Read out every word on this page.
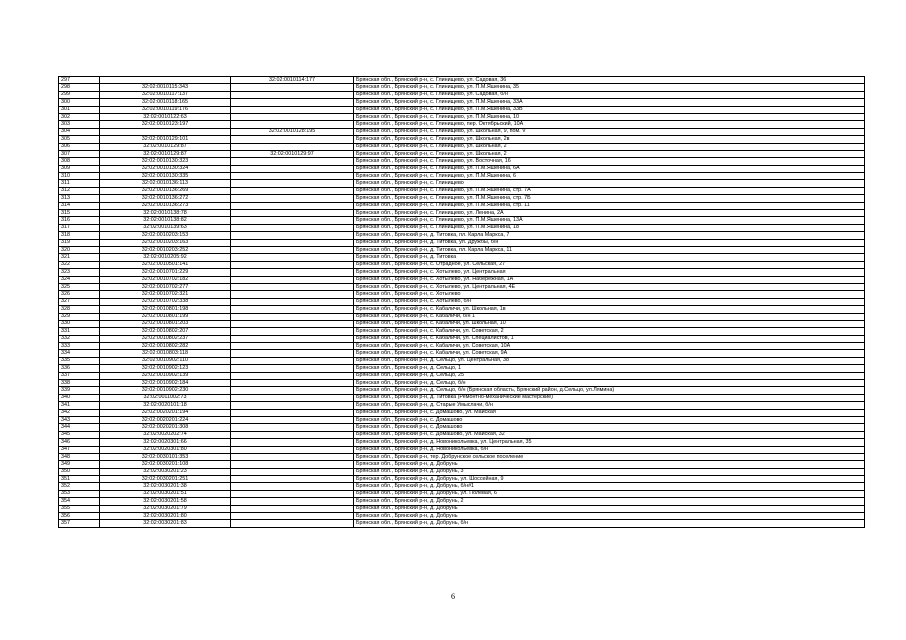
297		32:02:0010114:177	Брянская обл., Брянский р-н, с. Глинищево, ул. Садовая, 36
298	32:02:0010115:343		Брянская обл., Брянский р-н, с. Глинищево, ул. П.М.Яшенина, 35
299	32:02:0010117:137		Брянская обл., Брянский р-н, с. Глинищево, ул. Садовая, б/н
300	32:02:0010118:165		Брянская обл., Брянский р-н, с. Глинищево, ул. П.М.Яшенина, 33А
301	32:02:0010119:176		Брянская обл., Брянский р-н, с. Глинищево, ул. П.М.Яшенина, 33В
302	32:02:0010122:63		Брянская обл., Брянский р-н, с. Глинищево, ул. П.М.Яшенина, 10
303	32:02:0010123:197		Брянская обл., Брянский р-н, с. Глинищево, пер. Октябрьский, 10А
304		32:02:0010128:195	Брянская обл., Брянский р-н, с. Глинищево, ул. Школьная, 9, пом. V
305	32:02:0010129:101		Брянская обл., Брянский р-н, с. Глинищево, ул. Школьная, 2в
306	32:02:0010129:87		Брянская обл., Брянский р-н, с. Глинищево, ул. Школьная, 2
307	32:02:0010129:87	32:02:0010129:97	Брянская обл., Брянский р-н, с. Глинищево, ул. Школьная, 2
308	32:02:0010130:323		Брянская обл., Брянский р-н, с. Глинищево, ул. Восточная, 16
309	32:02:0010130:324		Брянская обл., Брянский р-н, с. Глинищево, ул. П.М.Яшенина, 6А
310	32:02:0010130:335		Брянская обл., Брянский р-н, с. Глинищево, ул. П.М.Яшенина, 6
311	32:02:0010136:113		Брянская обл., Брянский р-н, с. Глинищево
312	32:02:0010136:269		Брянская обл., Брянский р-н, с. Глинищево, ул. П.М.Яшенина, стр. 7А
313	32:02:0010136:272		Брянская обл., Брянский р-н, с. Глинищево, ул. П.М.Яшенина, стр. 7Б
314	32:02:0010136:273		Брянская обл., Брянский р-н, с. Глинищево, ул. П.М.Яшенина, стр. 11
315	32:02:0010138:78		Брянская обл., Брянский р-н, с. Глинищево, ул. Ленина, 2А
316	32:02:0010138:82		Брянская обл., Брянский р-н, с. Глинищево, ул. П.М.Яшенина, 13А
317	32:02:0010139:63		Брянская обл., Брянский р-н, с. Глинищево, ул. П.М.Яшенина, 18
318	32:02:0010203:153		Брянская обл., Брянский р-н, д. Титовка, пл. Карла Маркса, 7
319	32:02:0010203:163		Брянская обл., Брянский р-н, д. Титовка, ул. Дружбы, б/н
320	32:02:0010203:252		Брянская обл., Брянский р-н, д. Титовка, пл. Карла Маркса, 11
321	32:02:0010205:92		Брянская обл., Брянский р-н, д. Титовка
322	32:02:0010501:141		Брянская обл., Брянский р-н, с. Отрадное, ул. Сельская, 27
323	32:02:0010701:229		Брянская обл., Брянский р-н, с. Хотылево, ул. Центральная
324	32:02:0010702:182		Брянская обл., Брянский р-н, с. Хотылево, ул. Набережная, 1А
325	32:02:0010702:277		Брянская обл., Брянский р-н, с. Хотылево, ул. Центральная, 4Е
326	32:02:0010702:321		Брянская обл., Брянский р-н, с. Хотылево
327	32:02:0010702:338		Брянская обл., Брянский р-н, с. Хотылево, б/н
328	32:02:0010801:198		Брянская обл., Брянский р-н, с. Кабаличи, ул. Школьная, 1в
329	32:02:0010801:199		Брянская обл., Брянский р-н, с. Кабаличи, б/н 1
330	32:02:0010801:203		Брянская обл., Брянский р-н, с. Кабаличи, ул. Школьная, 10
331	32:02:0010802:207		Брянская обл., Брянский р-н, с. Кабаличи, ул. Советская, 2
332	32:02:0010802:237		Брянская обл., Брянский р-н, с. Кабаличи, ул. Специалистов, 1
333	32:02:0010802:282		Брянская обл., Брянский р-н, с. Кабаличи, ул. Советская, 10А
334	32:02:0010803:118		Брянская обл., Брянский р-н, с. Кабаличи, ул. Советская, 9А
335	32:02:0010902:110		Брянская обл., Брянский р-н, д. Сельцо, ул. Центральная, 38
336	32:02:0010902:123		Брянская обл., Брянский р-н, д. Сельцо, 1
337	32:02:0010902:139		Брянская обл., Брянский р-н, д. Сельцо, 25
338	32:02:0010902:184		Брянская обл., Брянский р-н, д. Сельцо, б/н
339	32:02:0010902:230		Брянская обл., Брянский р-н, д. Сельцо, б/н (Брянская область, Брянский район, д.Сельцо, ул.Лямина)
340	32:02:0011002:73		Брянская обл., Брянский р-н, д. Титовка (Ремонтно-механические мастерские)
341	32:02:0020101:18		Брянская обл., Брянский р-н, д. Старые Умыслачи, б/н
342	32:02:0020201:194		Брянская обл., Брянский р-н, с. Домашово, ул. Майская
343	32:02:0020201:224		Брянская обл., Брянский р-н, с. Домашово
344	32:02:0020201:308		Брянская обл., Брянский р-н, с. Домашово
345	32:02:0020202:74		Брянская обл., Брянский р-н, с. Домашово, ул. Майская, 32
346	32:02:0020301:66		Брянская обл., Брянский р-н, д. Новоникольевка, ул. Центральная, 35
347	32:02:0020301:80		Брянская обл., Брянский р-н, д. Новоникольевка, б/н
348	32:02:0030101:353		Брянская обл., Брянский р-н, тер. Добрунское сельское поселение
349	32:02:0030201:108		Брянская обл., Брянский р-н, д. Добрунь
350	32:02:0030201:23		Брянская обл., Брянский р-н, д. Добрунь, 3
351	32:02:0030201:251		Брянская обл., Брянский р-н, д. Добрунь, ул. Шоссейная, 9
352	32:02:0030201:38		Брянская обл., Брянский р-н, д. Добрунь, б/н#1
353	32:02:0030201:51		Брянская обл., Брянский р-н, д. Добрунь, ул. Полевая, 6
354	32:02:0030201:58		Брянская обл., Брянский р-н, д. Добрунь, 2
355	32:02:0030201:79		Брянская обл., Брянский р-н, д. Добрунь
356	32:02:0030201:80		Брянская обл., Брянский р-н, д. Добрунь
357	32:02:0030201:83		Брянская обл., Брянский р-н, д. Добрунь, б/н
6
